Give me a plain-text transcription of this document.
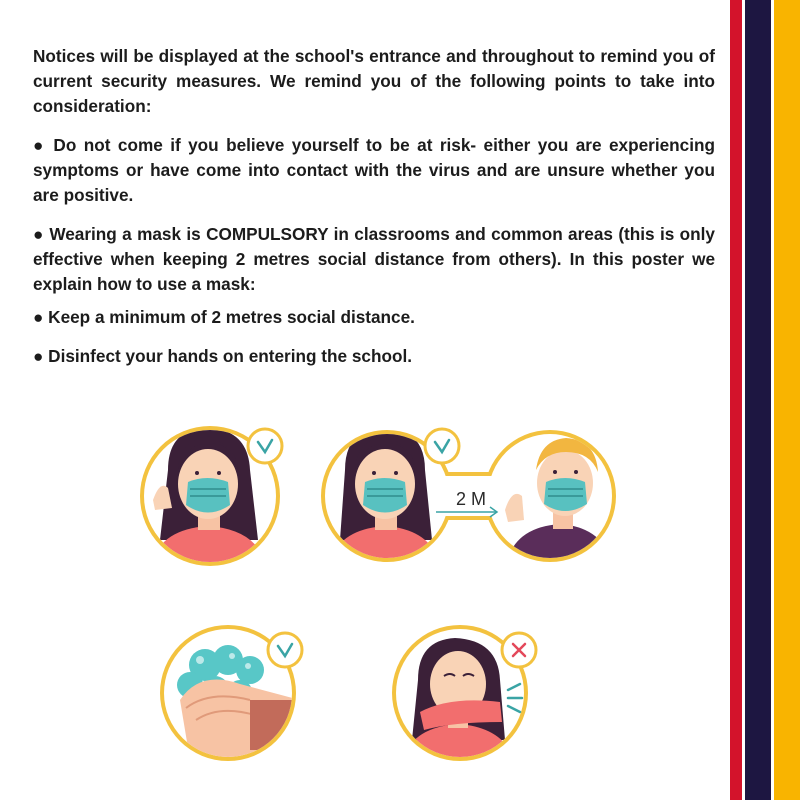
Notices will be displayed at the school's entrance and throughout to remind you of current security measures. We remind you of the following points to take into consideration:

● Do not come if you believe yourself to be at risk- either you are experiencing symptoms or have come into contact with the virus and are unsure whether you are positive.

● Wearing a mask is COMPULSORY in classrooms and common areas (this is only effective when keeping 2 metres social distance from others). In this poster we explain how to use a mask:

● Keep a minimum of 2 metres social distance.

● Disinfect your hands on entering the school.

2 M
